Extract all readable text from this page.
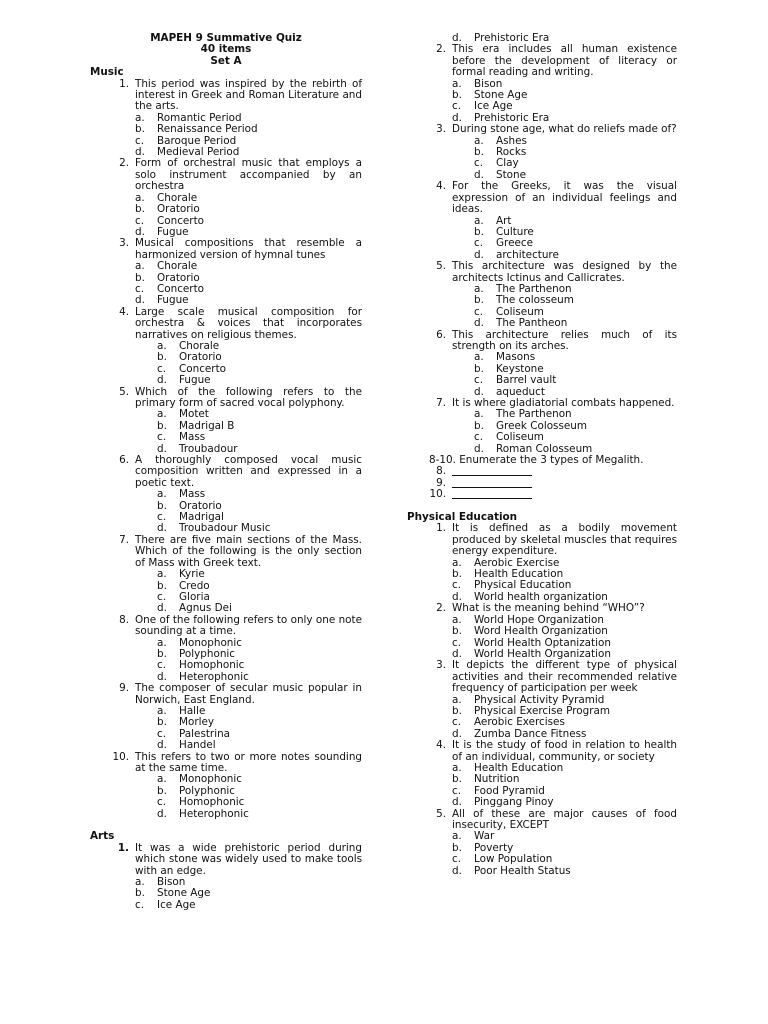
MAPEH 9 Summative Quiz
40 items
Set A
Music
1. This period was inspired by the rebirth of interest in Greek and Roman Literature and the arts.
a.	Romantic Period
b.	Renaissance Period
c.	Baroque Period
d.	Medieval Period
2. Form of orchestral music that employs a solo instrument accompanied by an orchestra
a.	Chorale
b.	Oratorio
c.	Concerto
d.	Fugue
3. Musical compositions that resemble a harmonized version of hymnal tunes
a.	Chorale
b.	Oratorio
c.	Concerto
d.	Fugue
4. Large scale musical composition for orchestra & voices that incorporates narratives on religious themes.
a.	Chorale
b.	Oratorio
c.	Concerto
d.	Fugue
5. Which of the following refers to the primary form of sacred vocal polyphony.
a.	Motet
b.	Madrigal B
c.	Mass
d.	Troubadour
6. A thoroughly composed vocal music composition written and expressed in a poetic text.
a.	Mass
b.	Oratorio
c.	Madrigal
d.	Troubadour Music
7. There are five main sections of the Mass. Which of the following is the only section of Mass with Greek text.
a.	Kyrie
b.	Credo
c.	Gloria
d.	Agnus Dei
8. One of the following refers to only one note sounding at a time.
a.	Monophonic
b.	Polyphonic
c.	Homophonic
d.	Heterophonic
9. The composer of secular music popular in Norwich, East England.
a.	Halle
b.	Morley
c.	Palestrina
d.	Handel
10. This refers to two or more notes sounding at the same time.
a.	Monophonic
b.	Polyphonic
c.	Homophonic
d.	Heterophonic
Arts
1. It was a wide prehistoric period during which stone was widely used to make tools with an edge.
a.	Bison
b.	Stone Age
c.	Ice Age
d.	Prehistoric Era
2. This era includes all human existence before the development of literacy or formal reading and writing.
a.	Bison
b.	Stone Age
c.	Ice Age
d.	Prehistoric Era
3. During stone age, what do reliefs made of?
a.	Ashes
b.	Rocks
c.	Clay
d.	Stone
4. For the Greeks, it was the visual expression of an individual feelings and ideas.
a.	Art
b.	Culture
c.	Greece
d.	architecture
5. This architecture was designed by the architects Ictinus and Callicrates.
a.	The Parthenon
b.	The colosseum
c.	Coliseum
d.	The Pantheon
6. This architecture relies much of its strength on its arches.
a.	Masons
b.	Keystone
c.	Barrel vault
d.	aqueduct
7. It is where gladiatorial combats happened.
a.	The Parthenon
b.	Greek Colosseum
c.	Coliseum
d.	Roman Colosseum
8-10. Enumerate the 3 types of Megalith.
8.
9.
10.
Physical Education
1. It is defined as a bodily movement produced by skeletal muscles that requires energy expenditure.
a.	Aerobic Exercise
b.	Health Education
c.	Physical Education
d.	World health organization
2. What is the meaning behind “WHO”?
a.	World Hope Organization
b.	Word Health Organization
c.	World Health Optanization
d.	World Health Organization
3. It depicts the different type of physical activities and their recommended relative frequency of participation per week
a.	Physical Activity Pyramid
b.	Physical Exercise Program
c.	Aerobic Exercises
d.	Zumba Dance Fitness
4. It is the study of food in relation to health of an individual, community, or society
a.	Health Education
b.	Nutrition
c.	Food Pyramid
d.	Pinggang Pinoy
5. All of these are major causes of food insecurity, EXCEPT
a.	War
b.	Poverty
c.	Low Population
d.	Poor Health Status
